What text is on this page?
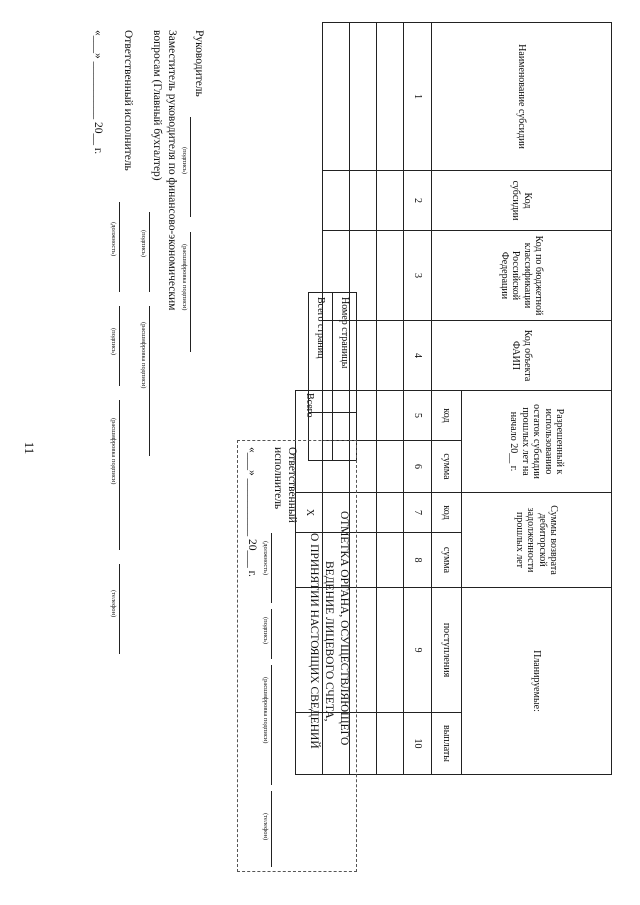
11
Наименование субсидии	Код субсидии	Код по бюджетной классификации Российской Федерации	Код объекта ФАИП	Разрешенный к использованию остаток субсидии прошлых лет на начало 20__ г.		Суммы возврата дебиторской задолженности прошлых лет		Планируемые:	
				код	сумма	код	сумма	поступления	выплаты
1	2	3	4	5	6	7	8	9	10

				Всего		X			
Номер страницы	
Всего страниц	
Руководитель
(подпись)
(расшифровка подписи)
Заместитель руководителя по финансово-экономическим
вопросам (Главный бухгалтер)
(подпись)
(расшифровка подписи)
Ответственный исполнитель
(должность)
(подпись)
(расшифровка подписи)
(телефон)
«___» __________ 20__ г.
ОТМЕТКА ОРГАНА, ОСУЩЕСТВЛЯЮЩЕГО
ВЕДЕНИЕ ЛИЦЕВОГО СЧЕТА,
О ПРИНЯТИИ НАСТОЯЩИХ СВЕДЕНИЙ
Ответственный
исполнитель
(должность)
(подпись)
(расшифровка подписи)
(телефон)
«___» __________ 20___ г.
